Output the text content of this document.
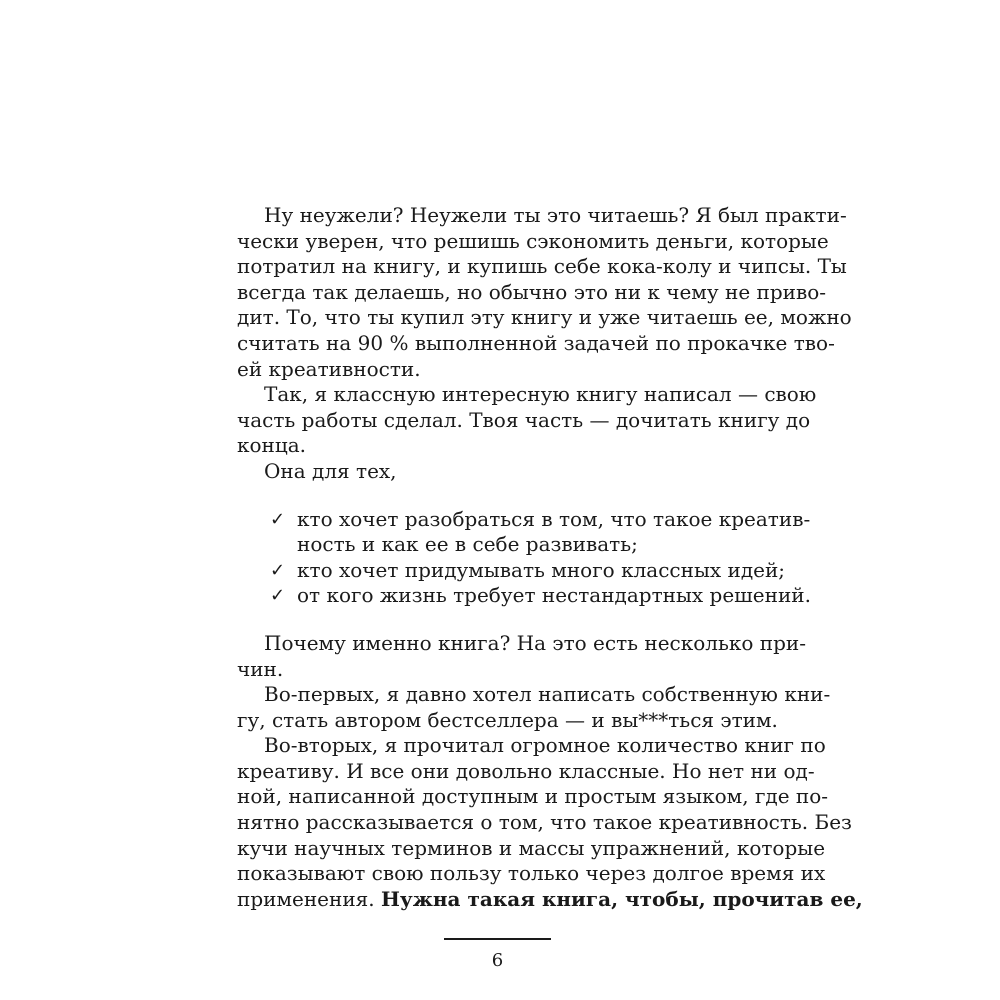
Ну неужели? Неужели ты это читаешь? Я был практи-
чески уверен, что решишь сэкономить деньги, которые
потратил на книгу, и купишь себе кока-колу и чипсы. Ты
всегда так делаешь, но обычно это ни к чему не приво-
дит. То, что ты купил эту книгу и уже читаешь ее, можно
считать на 90 % выполненной задачей по прокачке тво-
ей креативности.
Так, я классную интересную книгу написал — свою
часть работы сделал. Твоя часть — дочитать книгу до
конца.
Она для тех,
✓ кто хочет разобраться в том, что такое креатив-
ность и как ее в себе развивать;
✓ кто хочет придумывать много классных идей;
✓ от кого жизнь требует нестандартных решений.
Почему именно книга? На это есть несколько при-
чин.
Во-первых, я давно хотел написать собственную кни-
гу, стать автором бестселлера — и вы***ться этим.
Во-вторых, я прочитал огромное количество книг по
креативу. И все они довольно классные. Но нет ни од-
ной, написанной доступным и простым языком, где по-
нятно рассказывается о том, что такое креативность. Без
кучи научных терминов и массы упражнений, которые
показывают свою пользу только через долгое время их
применения. Нужна такая книга, чтобы, прочитав ее,
6
